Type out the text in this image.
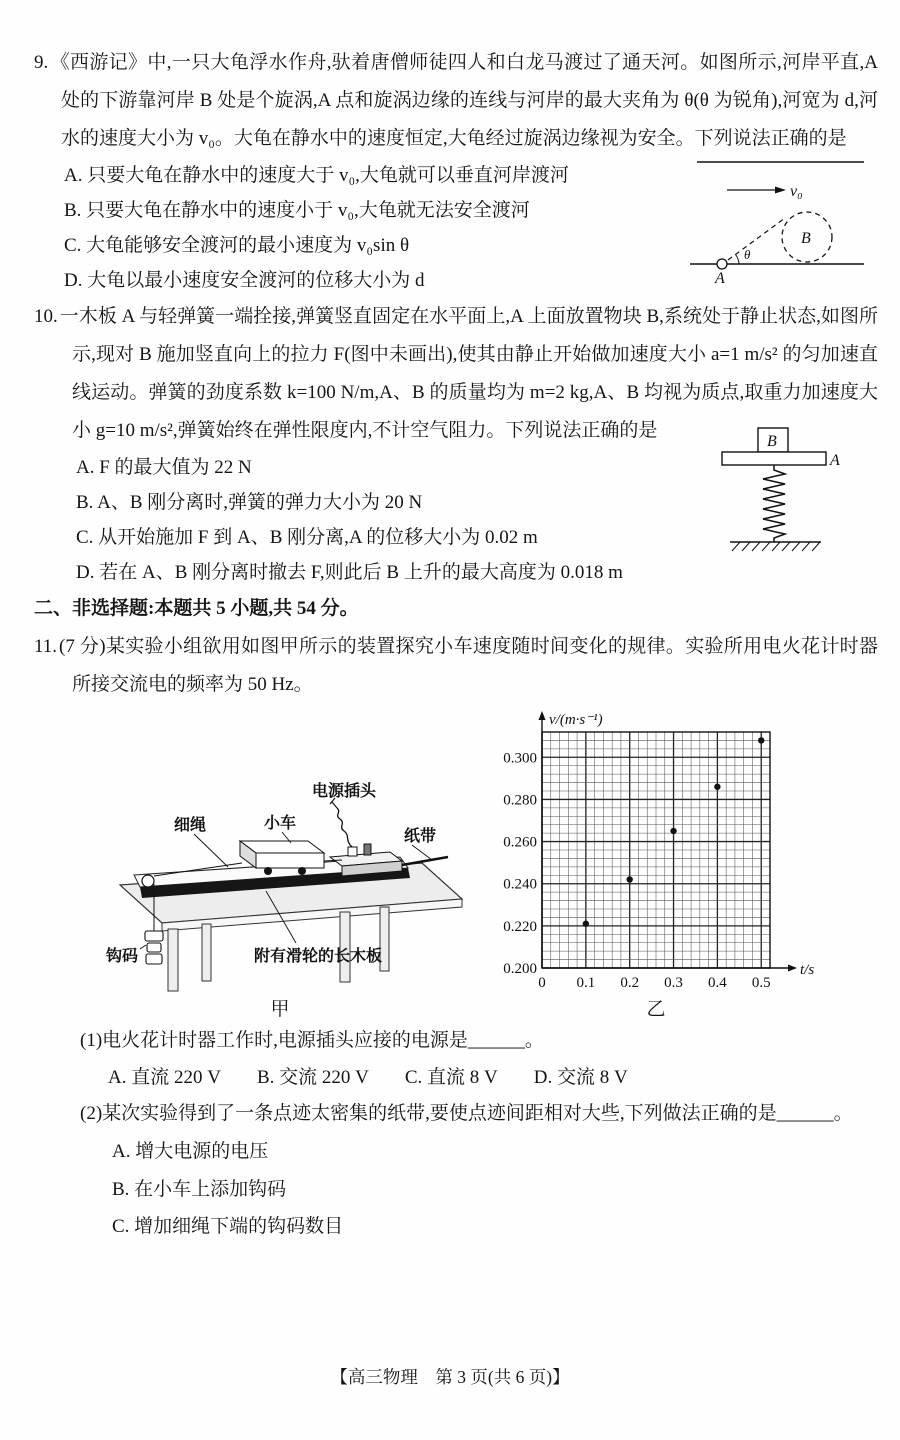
9. 《西游记》中,一只大龟浮水作舟,驮着唐僧师徒四人和白龙马渡过了通天河。如图所示,河岸平直,A 处的下游靠河岸 B 处是个旋涡,A 点和旋涡边缘的连线与河岸的最大夹角为 θ(θ 为锐角),河宽为 d,河水的速度大小为 v₀。大龟在静水中的速度恒定,大龟经过旋涡边缘视为安全。下列说法正确的是
v₀
B
θ
A
A. 只要大龟在静水中的速度大于 v₀,大龟就可以垂直河岸渡河
B. 只要大龟在静水中的速度小于 v₀,大龟就无法安全渡河
C. 大龟能够安全渡河的最小速度为 v₀sin θ
D. 大龟以最小速度安全渡河的位移大小为 d
B
A
10. 一木板 A 与轻弹簧一端拴接,弹簧竖直固定在水平面上,A 上面放置物块 B,系统处于静止状态,如图所示,现对 B 施加竖直向上的拉力 F(图中未画出),使其由静止开始做加速度大小 a=1 m/s² 的匀加速直线运动。弹簧的劲度系数 k=100 N/m,A、B 的质量均为 m=2 kg,A、B 均视为质点,取重力加速度大小 g=10 m/s²,弹簧始终在弹性限度内,不计空气阻力。下列说法正确的是
A. F 的最大值为 22 N
B. A、B 刚分离时,弹簧的弹力大小为 20 N
C. 从开始施加 F 到 A、B 刚分离,A 的位移大小为 0.02 m
D. 若在 A、B 刚分离时撤去 F,则此后 B 上升的最大高度为 0.018 m
二、非选择题:本题共 5 小题,共 54 分。
11. (7 分)某实验小组欲用如图甲所示的装置探究小车速度随时间变化的规律。实验所用电火花计时器所接交流电的频率为 50 Hz。
细绳	小车
电源插头
纸带
钩码	附有滑轮的长木板
甲
0 0.1 0.2 0.3 0.4 0.5
0.200
0.220
0.240
0.260
0.280
0.300
v/(m·s⁻¹)
t/s
乙
(1)电火花计时器工作时,电源插头应接的电源是______。
A. 直流 220 V B. 交流 220 V C. 直流 8 V D. 交流 8 V
(2)某次实验得到了一条点迹太密集的纸带,要使点迹间距相对大些,下列做法正确的是______。
A. 增大电源的电压
B. 在小车上添加钩码
C. 增加细绳下端的钩码数目
【高三物理　第 3 页(共 6 页)】
